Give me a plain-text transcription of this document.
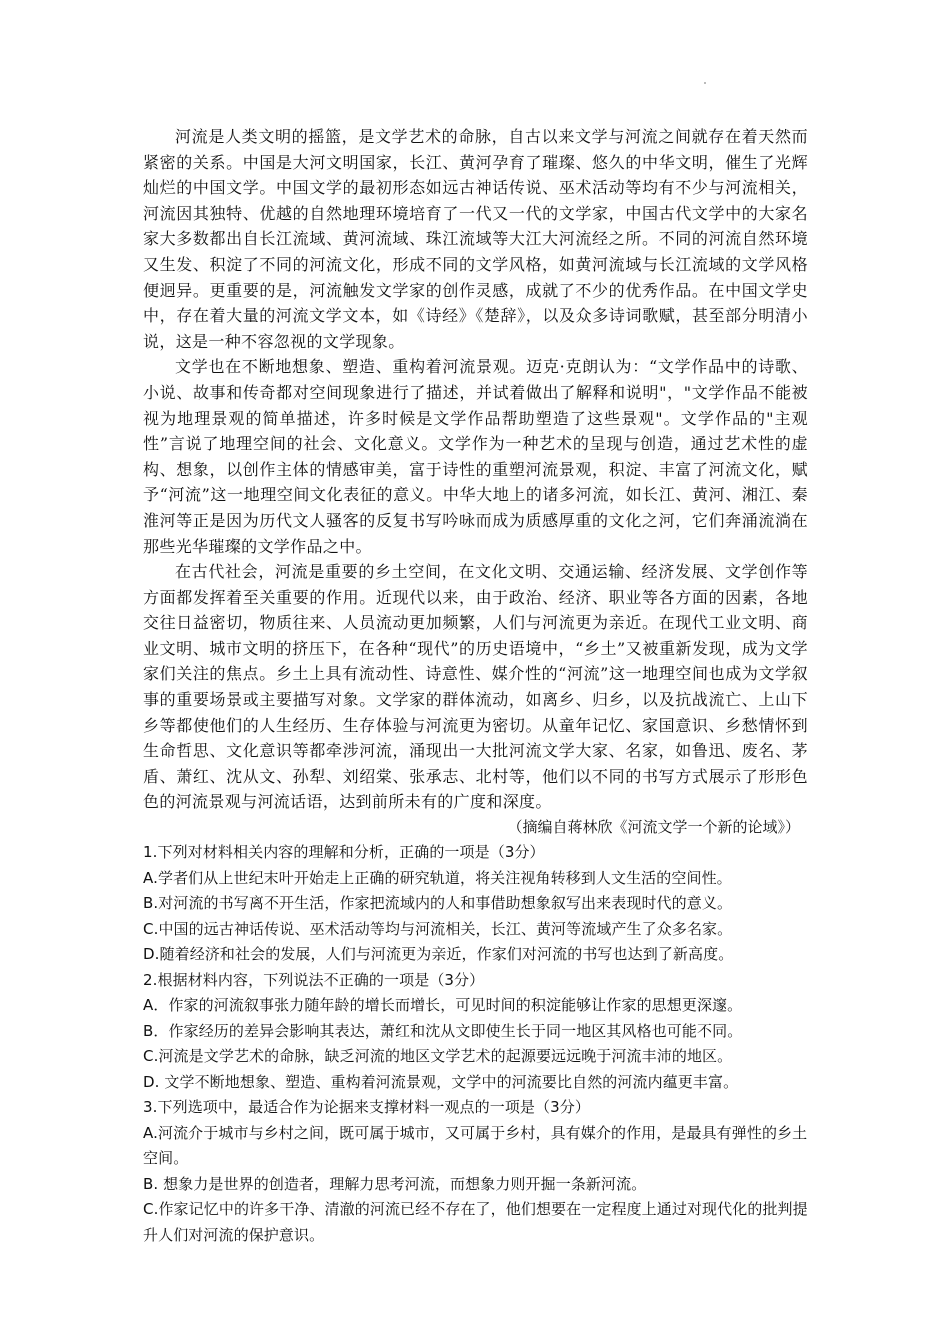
河流是人类文明的摇篮，是文学艺术的命脉，自古以来文学与河流之间就存在着天然而紧密的关系。中国是大河文明国家，长江、黄河孕育了璀璨、悠久的中华文明，催生了光辉灿烂的中国文学。中国文学的最初形态如远古神话传说、巫术活动等均有不少与河流相关，河流因其独特、优越的自然地理环境培育了一代又一代的文学家，中国古代文学中的大家名家大多数都出自长江流域、黄河流域、珠江流域等大江大河流经之所。不同的河流自然环境又生发、积淀了不同的河流文化，形成不同的文学风格，如黄河流域与长江流域的文学风格便迥异。更重要的是，河流触发文学家的创作灵感，成就了不少的优秀作品。在中国文学史中，存在着大量的河流文学文本，如《诗经》《楚辞》，以及众多诗词歌赋，甚至部分明清小说，这是一种不容忽视的文学现象。

文学也在不断地想象、塑造、重构着河流景观。迈克·克朗认为：“文学作品中的诗歌、小说、故事和传奇都对空间现象进行了描述，并试着做出了解释和说明"，"文学作品不能被视为地理景观的简单描述，许多时候是文学作品帮助塑造了这些景观"。文学作品的"主观性”言说了地理空间的社会、文化意义。文学作为一种艺术的呈现与创造，通过艺术性的虚构、想象，以创作主体的情感审美，富于诗性的重塑河流景观，积淀、丰富了河流文化，赋予“河流”这一地理空间文化表征的意义。中华大地上的诸多河流，如长江、黄河、湘江、秦淮河等正是因为历代文人骚客的反复书写吟咏而成为质感厚重的文化之河，它们奔涌流淌在那些光华璀璨的文学作品之中。

在古代社会，河流是重要的乡土空间，在文化文明、交通运输、经济发展、文学创作等方面都发挥着至关重要的作用。近现代以来，由于政治、经济、职业等各方面的因素，各地交往日益密切，物质往来、人员流动更加频繁，人们与河流更为亲近。在现代工业文明、商业文明、城市文明的挤压下，在各种“现代”的历史语境中，“乡土”又被重新发现，成为文学家们关注的焦点。乡土上具有流动性、诗意性、媒介性的“河流”这一地理空间也成为文学叙事的重要场景或主要描写对象。文学家的群体流动，如离乡、归乡，以及抗战流亡、上山下乡等都使他们的人生经历、生存体验与河流更为密切。从童年记忆、家国意识、乡愁情怀到生命哲思、文化意识等都牵涉河流，涌现出一大批河流文学大家、名家，如鲁迅、废名、茅盾、萧红、沈从文、孙犁、刘绍棠、张承志、北村等，他们以不同的书写方式展示了形形色色的河流景观与河流话语，达到前所未有的广度和深度。

（摘编自蒋林欣《河流文学一个新的论域》）

1.下列对材料相关内容的理解和分析，正确的一项是（3分）

A.学者们从上世纪末叶开始走上正确的研究轨道，将关注视角转移到人文生活的空间性。

B.对河流的书写离不开生活，作家把流域内的人和事借助想象叙写出来表现时代的意义。

C.中国的远古神话传说、巫术活动等均与河流相关，长江、黄河等流域产生了众多名家。

D.随着经济和社会的发展，人们与河流更为亲近，作家们对河流的书写也达到了新高度。

2.根据材料内容，下列说法不正确的一项是（3分）

A．作家的河流叙事张力随年龄的增长而增长，可见时间的积淀能够让作家的思想更深邃。

B．作家经历的差异会影响其表达，萧红和沈从文即使生长于同一地区其风格也可能不同。

C.河流是文学艺术的命脉，缺乏河流的地区文学艺术的起源要远远晚于河流丰沛的地区。

D. 文学不断地想象、塑造、重构着河流景观，文学中的河流要比自然的河流内蕴更丰富。

3.下列选项中，最适合作为论据来支撑材料一观点的一项是（3分）

A.河流介于城市与乡村之间，既可属于城市，又可属于乡村，具有媒介的作用，是最具有弹性的乡土空间。

B. 想象力是世界的创造者，理解力思考河流，而想象力则开掘一条新河流。

C.作家记忆中的许多干净、清澈的河流已经不存在了，他们想要在一定程度上通过对现代化的批判提升人们对河流的保护意识。
